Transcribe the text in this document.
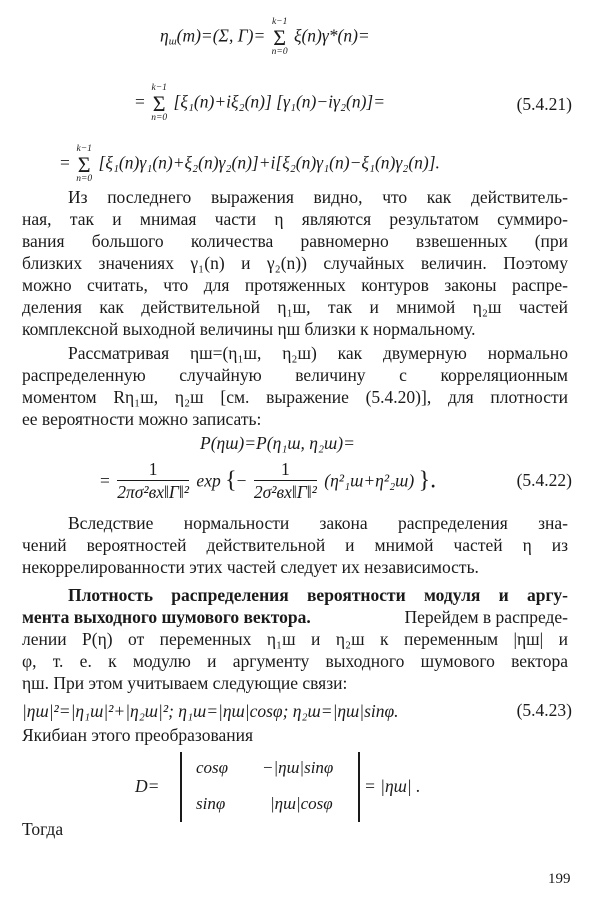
$\eta_ш(m)=(\Sigma$, Γ)=
k−1
Σ
n=0
ξ(n)γ*(n)=
=
k−1
Σ
n=0
[ξ₁(n)+iξ₂(n)] [γ₁(n)−iγ₂(n)]=	(5.4.21)
=
k−1
Σ
n=0
[ξ₁(n)γ₁(n)+ξ₂(n)γ₂(n)]+i[ξ₂(n)γ₁(n)−ξ₁(n)γ₂(n)].
Из последнего выражения видно, что как действитель-
ная, так и мнимая части η являются результатом суммиро-
вания большого количества равномерно взвешенных (при
близких значениях γ₁(n) и γ₂(n)) случайных величин. Поэтому
можно считать, что для протяженных контуров законы распре-
деления как действительной η₁ш, так и мнимой η₂ш частей
комплексной выходной величины ηш близки к нормальному.
Рассматривая ηш=(η₁ш, η₂ш) как двумерную нормально
распределенную случайную величину с корреляционным
моментом Rη₁ш, η₂ш [см. выражение (5.4.20)], для плотности
ее вероятности можно записать:
P(ηш)=P(η₁ш, η₂ш)=
= $\frac{1}{\text{2πσ²вх‖Γ‖²}}$ exp {− $\frac{1}{\text{2σ²вх‖Γ‖²}} (\eta^2_1ш+\eta^2_2ш)$ }.	(5.4.22)
Вследствие нормальности закона распределения зна-
чений вероятностей действительной и мнимой частей η из
некоррелированности этих частей следует их независимость.
Плотность распределения вероятности модуля и аргу-
мента выходного шумового вектора.	Перейдем в распреде-
лении P(η) от переменных η₁ш и η₂ш к переменным |ηш| и
φ, т. е. к модулю и аргументу выходного шумового вектора
ηш. При этом учитываем следующие связи:
|ηш|²=|η₁ш|²+|η₂ш|²; η₁ш=|ηш|cosφ; η₂ш=|ηш|sinφ.	(5.4.23)
Якибиан этого преобразования
D=
cosφ −|ηш|sinφ
sinφ	|ηш|cosφ
= |ηш| .
Тогда
199
